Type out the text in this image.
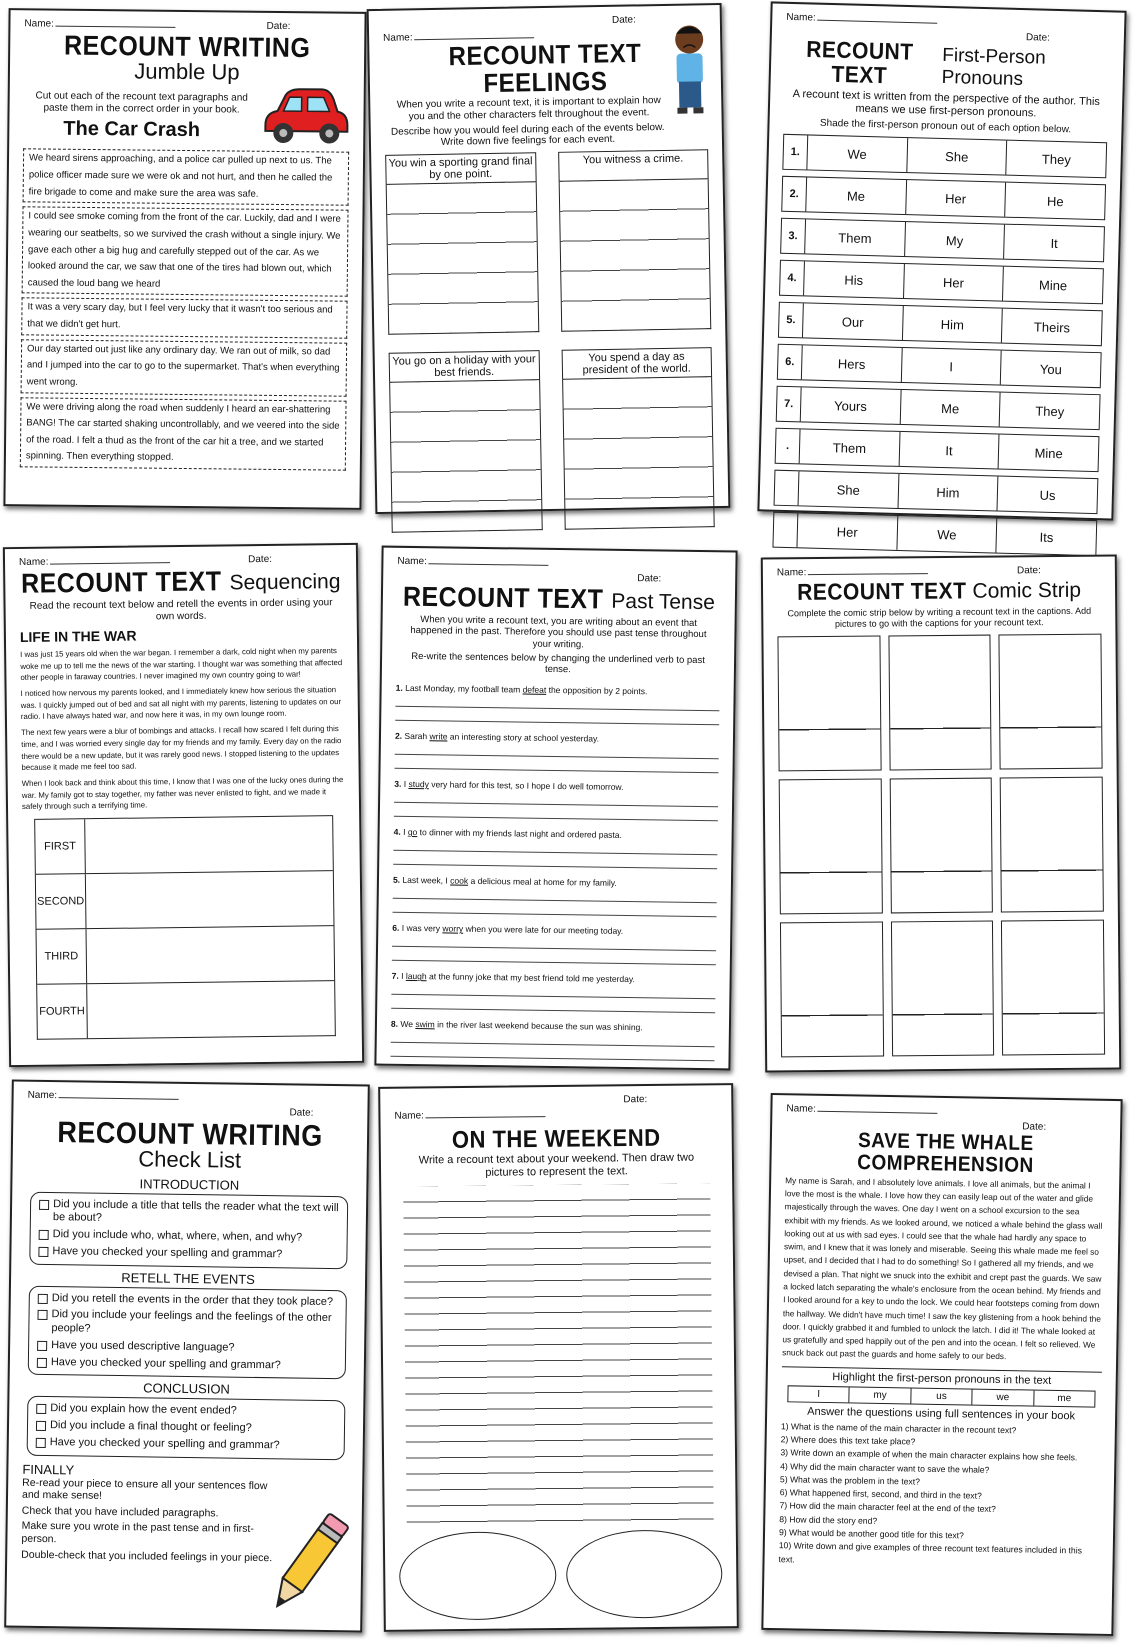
Name:	Date:
RECOUNT WRITING
Jumble Up
Cut out each of the recount text paragraphs and paste them in the correct order in your book.
The Car Crash
We heard sirens approaching, and a police car pulled up next to us. The police officer made sure we were ok and not hurt, and then he called the fire brigade to come and make sure the area was safe.
I could see smoke coming from the front of the car. Luckily, dad and I were wearing our seatbelts, so we survived the crash without a single injury. We gave each other a big hug and carefully stepped out of the car. As we looked around the car, we saw that one of the tires had blown out, which caused the loud bang we heard
It was a very scary day, but I feel very lucky that it wasn't too serious and that we didn't get hurt.
Our day started out just like any ordinary day. We ran out of milk, so dad and I jumped into the car to go to the supermarket. That's when everything went wrong.
We were driving along the road when suddenly I heard an ear-shattering BANG! The car started shaking uncontrollably, and we veered into the side of the road. I felt a thud as the front of the car hit a tree, and we started spinning. Then everything stopped.
Date:
Name:
RECOUNT TEXT FEELINGS
When you write a recount text, it is important to explain how you and the other characters felt throughout the event.
Describe how you would feel during each of the events below. Write down five feelings for each event.
You win a sporting grand final by one point.
You witness a crime.
You go on a holiday with your best friends.
You spend a day as president of the world.
Name:
Date:
RECOUNT TEXT
First-Person Pronouns
A recount text is written from the perspective of the author. This means we use first-person pronouns.
Shade the first-person pronoun out of each option below.
1.	We	She	They
2.	Me	Her	He
3.	Them	My	It
4.	His	Her	Mine
5.	Our	Him	Theirs
6.	Hers	I	You
7.	Yours	Me	They
.	Them	It	Mine
She	Him	Us
Her	We	Its
Name:	Date:
RECOUNT TEXT Sequencing
Read the recount text below and retell the events in order using your own words.
LIFE IN THE WAR
I was just 15 years old when the war began. I remember a dark, cold night when my parents woke me up to tell me the news of the war starting. I thought war was something that affected other people in faraway countries. I never imagined my own country going to war!
I noticed how nervous my parents looked, and I immediately knew how serious the situation was. I quickly jumped out of bed and sat all night with my parents, listening to updates on our radio. I have always hated war, and now here it was, in my own lounge room.
The next few years were a blur of bombings and attacks. I recall how scared I felt during this time, and I was worried every single day for my friends and my family. Every day on the radio there would be a new update, but it was rarely good news. I stopped listening to the updates because it made me feel too sad.
When I look back and think about this time, I know that I was one of the lucky ones during the war. My family got to stay together, my father was never enlisted to fight, and we made it safely through such a terrifying time.
FIRST
SECOND
THIRD
FOURTH
Name:
Date:
RECOUNT TEXT Past Tense
When you write a recount text, you are writing about an event that happened in the past. Therefore you should use past tense throughout your writing.
Re-write the sentences below by changing the underlined verb to past tense.
1. Last Monday, my football team defeat the opposition by 2 points.
2. Sarah write an interesting story at school yesterday.
3. I study very hard for this test, so I hope I do well tomorrow.
4. I go to dinner with my friends last night and ordered pasta.
5. Last week, I cook a delicious meal at home for my family.
6. I was very worry when you were late for our meeting today.
7. I laugh at the funny joke that my best friend told me yesterday.
8. We swim in the river last weekend because the sun was shining.
Name:	Date:
RECOUNT TEXT Comic Strip
Complete the comic strip below by writing a recount text in the captions. Add pictures to go with the captions for your recount text.
Name:
Date:
RECOUNT WRITING
Check List
INTRODUCTION
Did you include a title that tells the reader what the text will be about?
Did you include who, what, where, when, and why?
Have you checked your spelling and grammar?
RETELL THE EVENTS
Did you retell the events in the order that they took place?
Did you include your feelings and the feelings of the other people?
Have you used descriptive language?
Have you checked your spelling and grammar?
CONCLUSION
Did you explain how the event ended?
Did you include a final thought or feeling?
Have you checked your spelling and grammar?
FINALLY
Re-read your piece to ensure all your sentences flow and make sense!
Check that you have included paragraphs.
Make sure you wrote in the past tense and in first-person.
Double-check that you included feelings in your piece.
Date:
Name:
ON THE WEEKEND
Write a recount text about your weekend. Then draw two pictures to represent the text.
Name:
Date:
SAVE THE WHALE COMPREHENSION
My name is Sarah, and I absolutely love animals. I love all animals, but the animal I love the most is the whale. I love how they can easily leap out of the water and glide majestically through the waves. One day I went on a school excursion to the sea exhibit with my friends. As we looked around, we noticed a whale behind the glass wall looking out at us with sad eyes. I could see that the whale had hardly any space to swim, and I knew that it was lonely and miserable. Seeing this whale made me feel so upset, and I decided that I had to do something! So I gathered all my friends, and we devised a plan. That night we snuck into the exhibit and crept past the guards. We saw a locked latch separating the whale's enclosure from the ocean behind. My friends and I looked around for a key to undo the lock. We could hear footsteps coming from down the hallway. We didn't have much time! I saw the key glistening from a hook behind the door. I quickly grabbed it and fumbled to unlock the latch. I did it! The whale looked at us gratefully and sped happily out of the pen and into the ocean. I felt so relieved. We snuck back out past the guards and home safely to our beds.
Highlight the first-person pronouns in the text
I	my	us	we	me
Answer the questions using full sentences in your book
1) What is the name of the main character in the recount text?
2) Where does this text take place?
3) Write down an example of when the main character explains how she feels.
4) Why did the main character want to save the whale?
5) What was the problem in the text?
6) What happened first, second, and third in the text?
7) How did the main character feel at the end of the text?
8) How did the story end?
9) What would be another good title for this text?
10) Write down and give examples of three recount text features included in this text.
